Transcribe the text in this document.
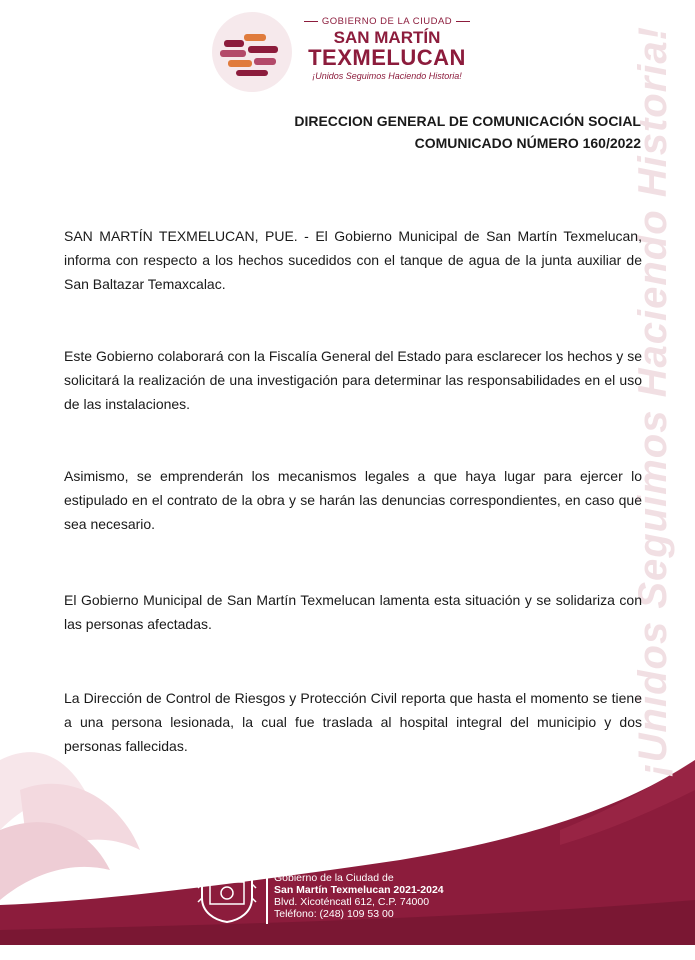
¡Unidos Seguimos Haciendo Historia!
GOBIERNO DE LA CIUDAD
SAN MARTÍN
TEXMELUCAN
¡Unidos Seguimos Haciendo Historia!
DIRECCION GENERAL DE COMUNICACIÓN SOCIAL
COMUNICADO NÚMERO 160/2022

SAN MARTÍN TEXMELUCAN, PUE. - El Gobierno Municipal de San Martín Texmelucan, informa con respecto a los hechos sucedidos con el tanque de agua de la junta auxiliar de San Baltazar Temaxcalac.

Este Gobierno colaborará con la Fiscalía General del Estado para esclarecer los hechos y se solicitará la realización de una investigación para determinar las responsabilidades en el uso de las instalaciones.

Asimismo, se emprenderán los mecanismos legales a que haya lugar para ejercer lo estipulado en el contrato de la obra y se harán las denuncias correspondientes, en caso que sea necesario.

El Gobierno Municipal de San Martín Texmelucan lamenta esta situación y se solidariza con las personas afectadas.

La Dirección de Control de Riesgos y Protección Civil reporta que hasta el momento se tiene a una persona lesionada, la cual fue traslada al hospital integral del municipio y dos personas fallecidas.

Gobierno de la Ciudad de
San Martín Texmelucan 2021-2024
Blvd. Xicoténcatl 612, C.P. 74000
Teléfono: (248) 109 53 00
